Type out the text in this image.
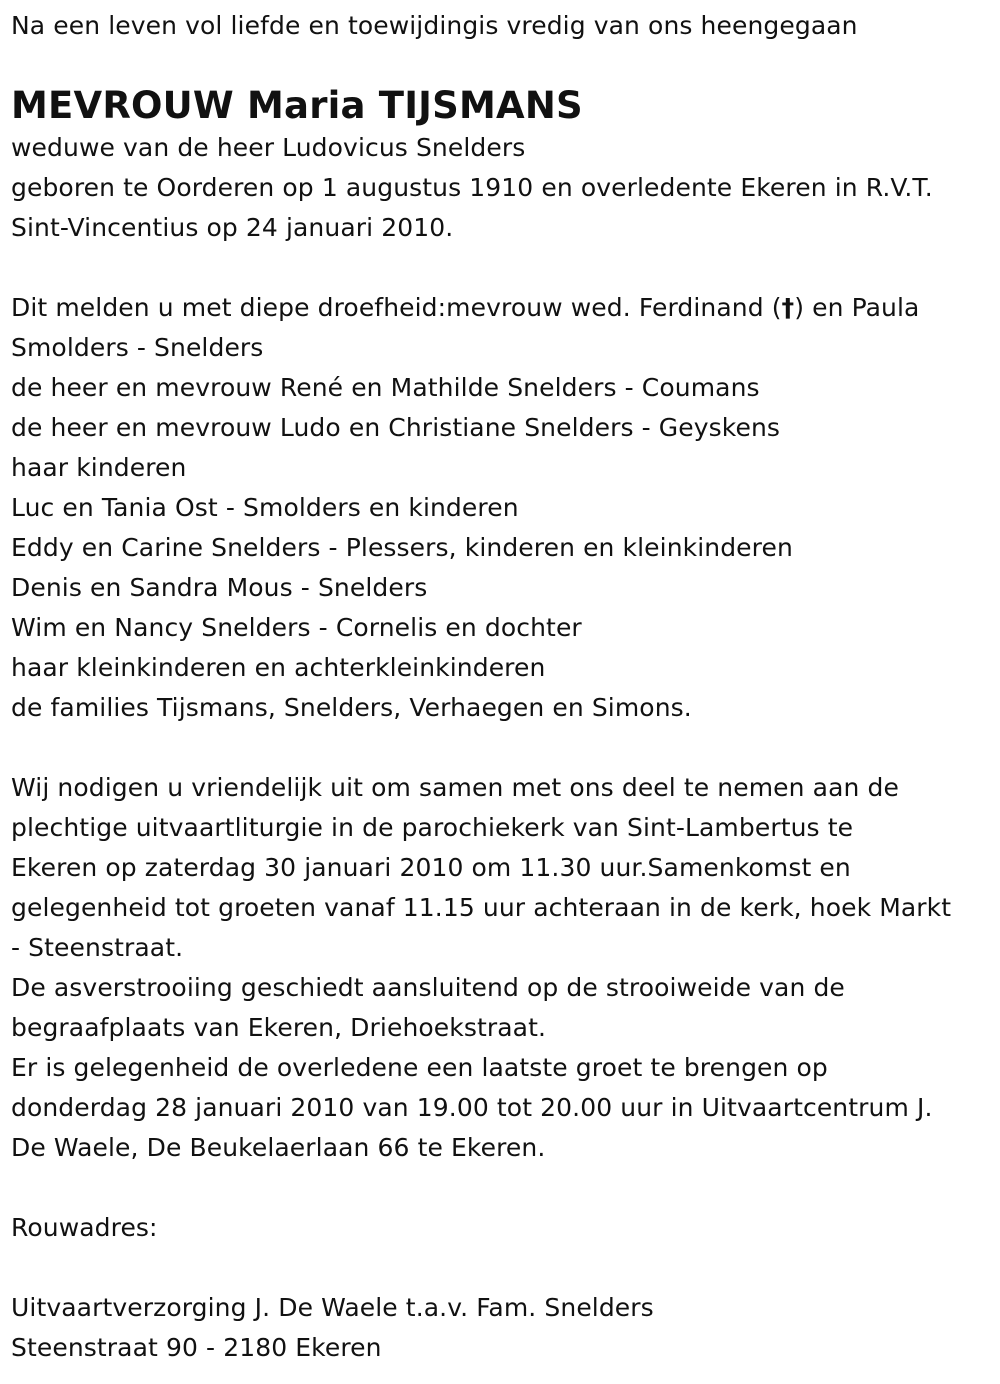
Na een leven vol liefde en toewijdingis vredig van ons heengegaan
MEVROUW Maria TIJSMANS
weduwe van de heer Ludovicus Snelders
geboren te Oorderen op 1 augustus 1910 en overledente Ekeren in R.V.T.
Sint-Vincentius op 24 januari 2010.
Dit melden u met diepe droefheid:mevrouw wed. Ferdinand (†) en Paula
Smolders - Snelders
de heer en mevrouw René en Mathilde Snelders - Coumans
de heer en mevrouw Ludo en Christiane Snelders - Geyskens
haar kinderen
Luc en Tania Ost - Smolders en kinderen
Eddy en Carine Snelders - Plessers, kinderen en kleinkinderen
Denis en Sandra Mous - Snelders
Wim en Nancy Snelders - Cornelis en dochter
haar kleinkinderen en achterkleinkinderen
de families Tijsmans, Snelders, Verhaegen en Simons.
Wij nodigen u vriendelijk uit om samen met ons deel te nemen aan de
plechtige uitvaartliturgie in de parochiekerk van Sint-Lambertus te
Ekeren op zaterdag 30 januari 2010 om 11.30 uur.Samenkomst en
gelegenheid tot groeten vanaf 11.15 uur achteraan in de kerk, hoek Markt
- Steenstraat.
De asverstrooiing geschiedt aansluitend op de strooiweide van de
begraafplaats van Ekeren, Driehoekstraat.
Er is gelegenheid de overledene een laatste groet te brengen op
donderdag 28 januari 2010 van 19.00 tot 20.00 uur in Uitvaartcentrum J.
De Waele, De Beukelaerlaan 66 te Ekeren.
Rouwadres:
Uitvaartverzorging J. De Waele t.a.v. Fam. Snelders
Steenstraat 90 - 2180 Ekeren
